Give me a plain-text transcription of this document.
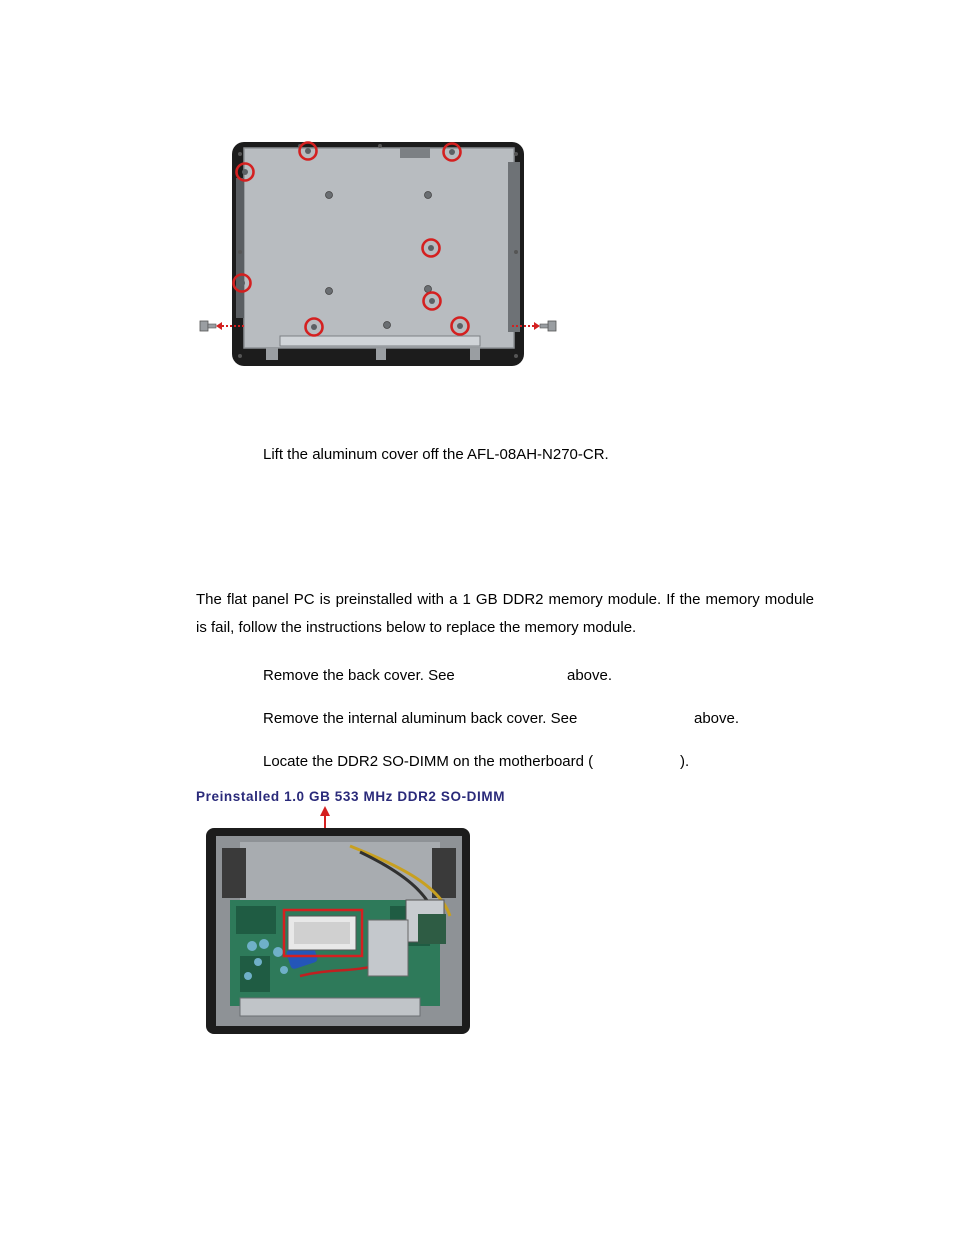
Lift the aluminum cover off the AFL-08AH-N270-CR.
The flat panel PC is preinstalled with a 1 GB DDR2 memory module. If the memory module is fail, follow the instructions below to replace the memory module.
Remove the back cover. See	above.
Remove the internal aluminum back cover. See	above.
Locate the DDR2 SO-DIMM on the motherboard (	).
Preinstalled 1.0 GB 533 MHz DDR2 SO-DIMM
